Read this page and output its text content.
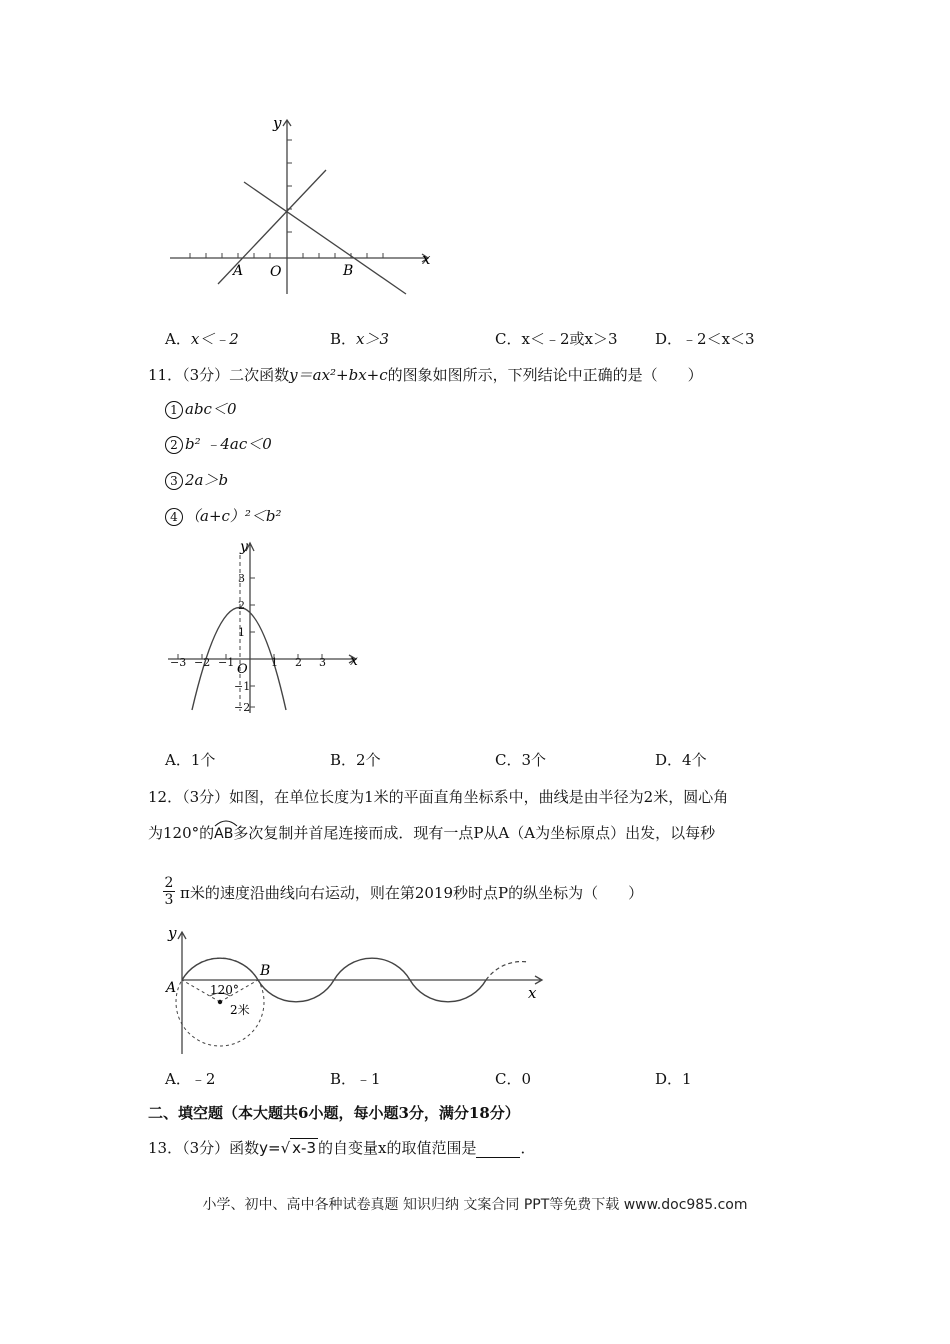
y
x
O
A	B
A．x＜﹣2	B．x＞3	C．x＜﹣2或x＞3	D．﹣2＜x＜3
11．（3分）二次函数y＝ax²+bx+c的图象如图所示，下列结论中正确的是（　　）
1 abc＜0
2 b² ﹣4ac＜0
3 2a＞b
4 （a+c）²＜b²
y
x
O
−3 −2 −1	1 2 3
3
2
1
−1
−2
A．1个	B．2个	C．3个	D．4个
12．（3分）如图，在单位长度为1米的平面直角坐标系中，曲线是由半径为2米，圆心角
为120°的
AB多次复制并首尾连接而成．现有一点P从A（A为坐标原点）出发，以每秒
2
3 π米的速度沿曲线向右运动，则在第2019秒时点P的纵坐标为（　　）
y
x
A
B
120°
2米
A．﹣2	B．﹣1	C．0	D．1
二、填空题（本大题共6小题，每小题3分，满分18分）
13．（3分）函数y=√ x-3 的自变量x的取值范围是	．
小学、初中、高中各种试卷真题 知识归纳 文案合同 PPT等免费下载 www.doc985.com
